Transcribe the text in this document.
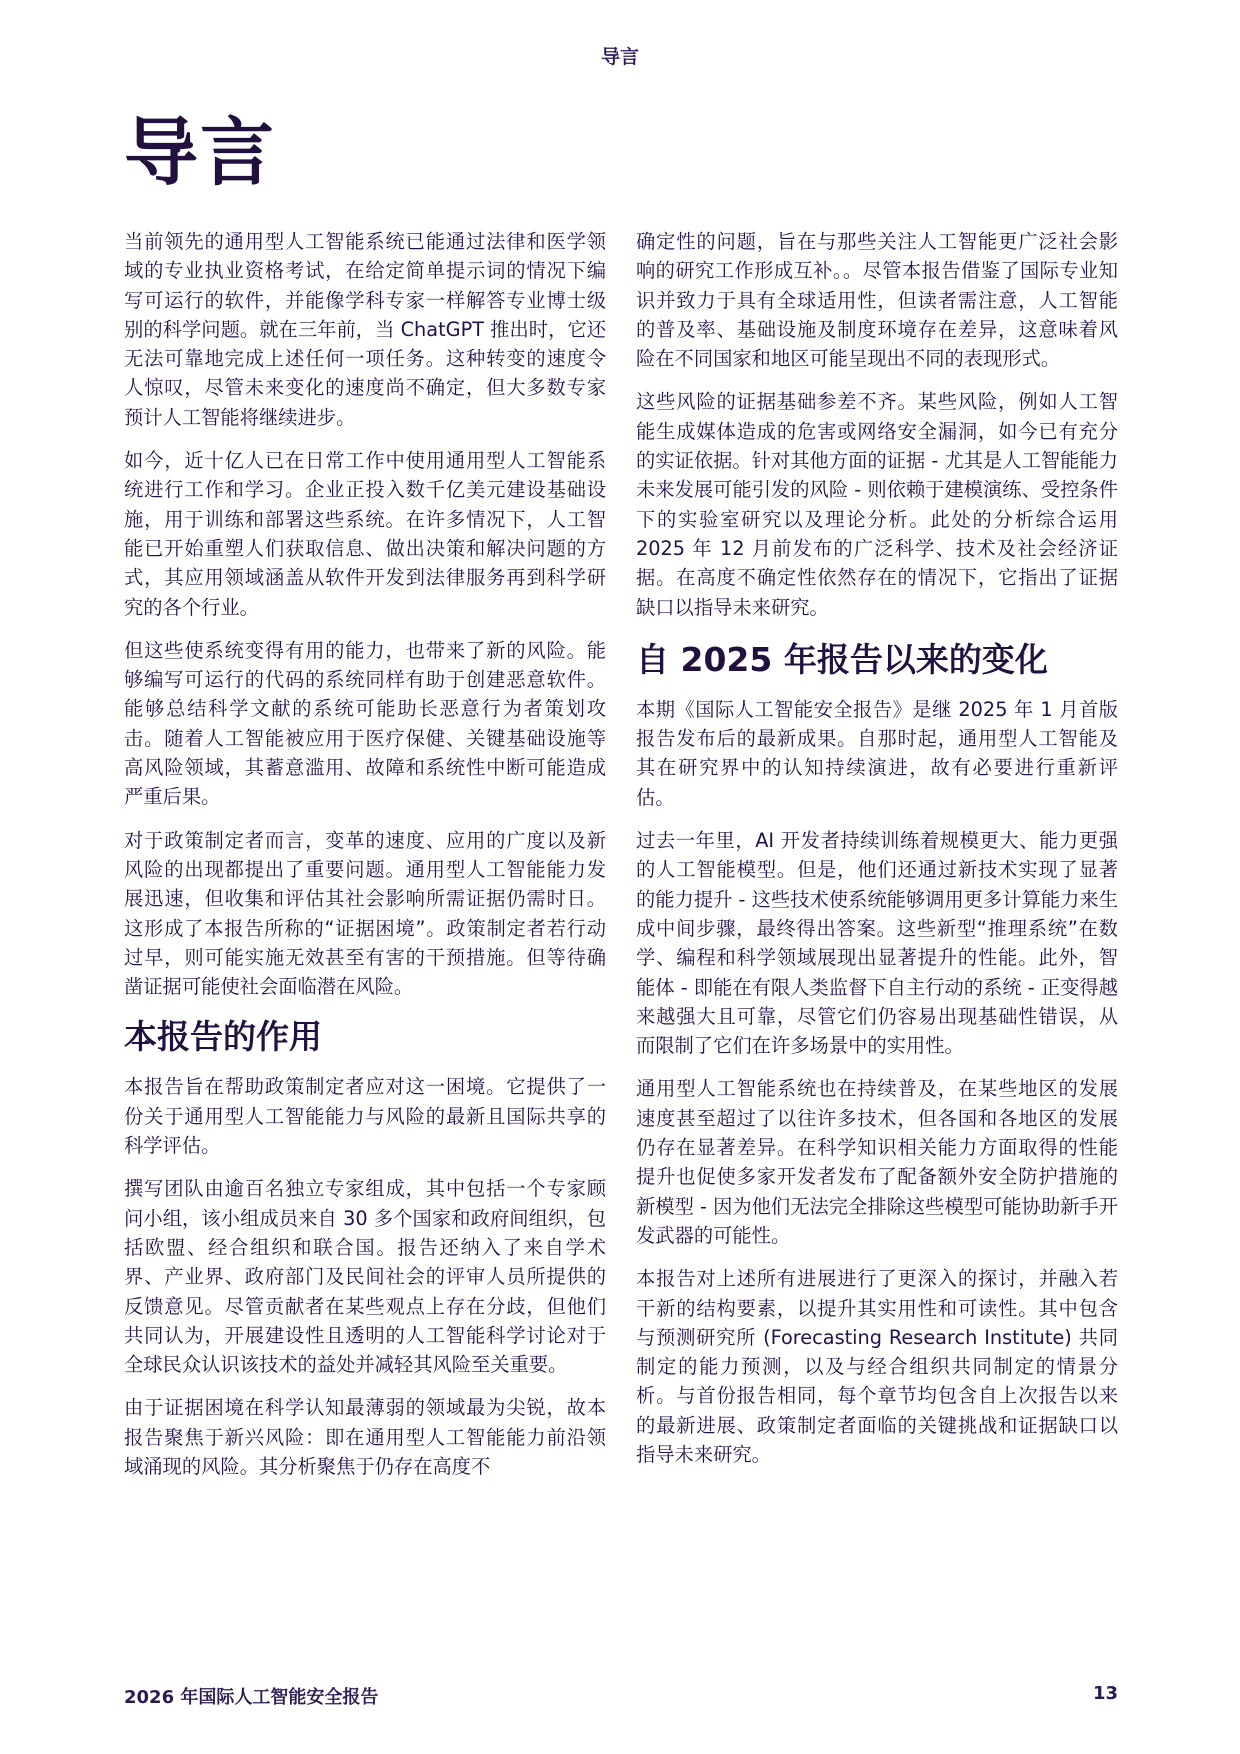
导言
导言

当前领先的通用型人工智能系统已能通过法律和医学领域的专业执业资格考试，在给定简单提示词的情况下编写可运行的软件，并能像学科专家一样解答专业博士级别的科学问题。就在三年前，当 ChatGPT 推出时，它还无法可靠地完成上述任何一项任务。这种转变的速度令人惊叹，尽管未来变化的速度尚不确定，但大多数专家预计人工智能将继续进步。

如今，近十亿人已在日常工作中使用通用型人工智能系统进行工作和学习。企业正投入数千亿美元建设基础设施，用于训练和部署这些系统。在许多情况下，人工智能已开始重塑人们获取信息、做出决策和解决问题的方式，其应用领域涵盖从软件开发到法律服务再到科学研究的各个行业。

但这些使系统变得有用的能力，也带来了新的风险。能够编写可运行的代码的系统同样有助于创建恶意软件。能够总结科学文献的系统可能助长恶意行为者策划攻击。随着人工智能被应用于医疗保健、关键基础设施等高风险领域，其蓄意滥用、故障和系统性中断可能造成严重后果。

对于政策制定者而言，变革的速度、应用的广度以及新风险的出现都提出了重要问题。通用型人工智能能力发展迅速，但收集和评估其社会影响所需证据仍需时日。这形成了本报告所称的“证据困境”。政策制定者若行动过早，则可能实施无效甚至有害的干预措施。但等待确凿证据可能使社会面临潜在风险。

本报告的作用

本报告旨在帮助政策制定者应对这一困境。它提供了一份关于通用型人工智能能力与风险的最新且国际共享的科学评估。

撰写团队由逾百名独立专家组成，其中包括一个专家顾问小组，该小组成员来自 30 多个国家和政府间组织，包括欧盟、经合组织和联合国。报告还纳入了来自学术界、产业界、政府部门及民间社会的评审人员所提供的反馈意见。尽管贡献者在某些观点上存在分歧，但他们共同认为，开展建设性且透明的人工智能科学讨论对于全球民众认识该技术的益处并减轻其风险至关重要。

由于证据困境在科学认知最薄弱的领域最为尖锐，故本报告聚焦于新兴风险：即在通用型人工智能能力前沿领域涌现的风险。其分析聚焦于仍存在高度不

确定性的问题，旨在与那些关注人工智能更广泛社会影响的研究工作形成互补。。尽管本报告借鉴了国际专业知识并致力于具有全球适用性，但读者需注意，人工智能的普及率、基础设施及制度环境存在差异，这意味着风险在不同国家和地区可能呈现出不同的表现形式。

这些风险的证据基础参差不齐。某些风险，例如人工智能生成媒体造成的危害或网络安全漏洞，如今已有充分的实证依据。针对其他方面的证据 - 尤其是人工智能能力未来发展可能引发的风险 - 则依赖于建模演练、受控条件下的实验室研究以及理论分析。此处的分析综合运用 2025 年 12 月前发布的广泛科学、技术及社会经济证据。在高度不确定性依然存在的情况下，它指出了证据缺口以指导未来研究。

自 2025 年报告以来的变化

本期《国际人工智能安全报告》是继 2025 年 1 月首版报告发布后的最新成果。自那时起，通用型人工智能及其在研究界中的认知持续演进，故有必要进行重新评估。

过去一年里，AI 开发者持续训练着规模更大、能力更强的人工智能模型。但是，他们还通过新技术实现了显著的能力提升 - 这些技术使系统能够调用更多计算能力来生成中间步骤，最终得出答案。这些新型“推理系统”在数学、编程和科学领域展现出显著提升的性能。此外，智能体 - 即能在有限人类监督下自主行动的系统 - 正变得越来越强大且可靠，尽管它们仍容易出现基础性错误，从而限制了它们在许多场景中的实用性。

通用型人工智能系统也在持续普及，在某些地区的发展速度甚至超过了以往许多技术，但各国和各地区的发展仍存在显著差异。在科学知识相关能力方面取得的性能提升也促使多家开发者发布了配备额外安全防护措施的新模型 - 因为他们无法完全排除这些模型可能协助新手开发武器的可能性。

本报告对上述所有进展进行了更深入的探讨，并融入若干新的结构要素，以提升其实用性和可读性。其中包含与预测研究所 (Forecasting Research Institute) 共同制定的能力预测，以及与经合组织共同制定的情景分析。与首份报告相同，每个章节均包含自上次报告以来的最新进展、政策制定者面临的关键挑战和证据缺口以指导未来研究。

2026 年国际人工智能安全报告	13
